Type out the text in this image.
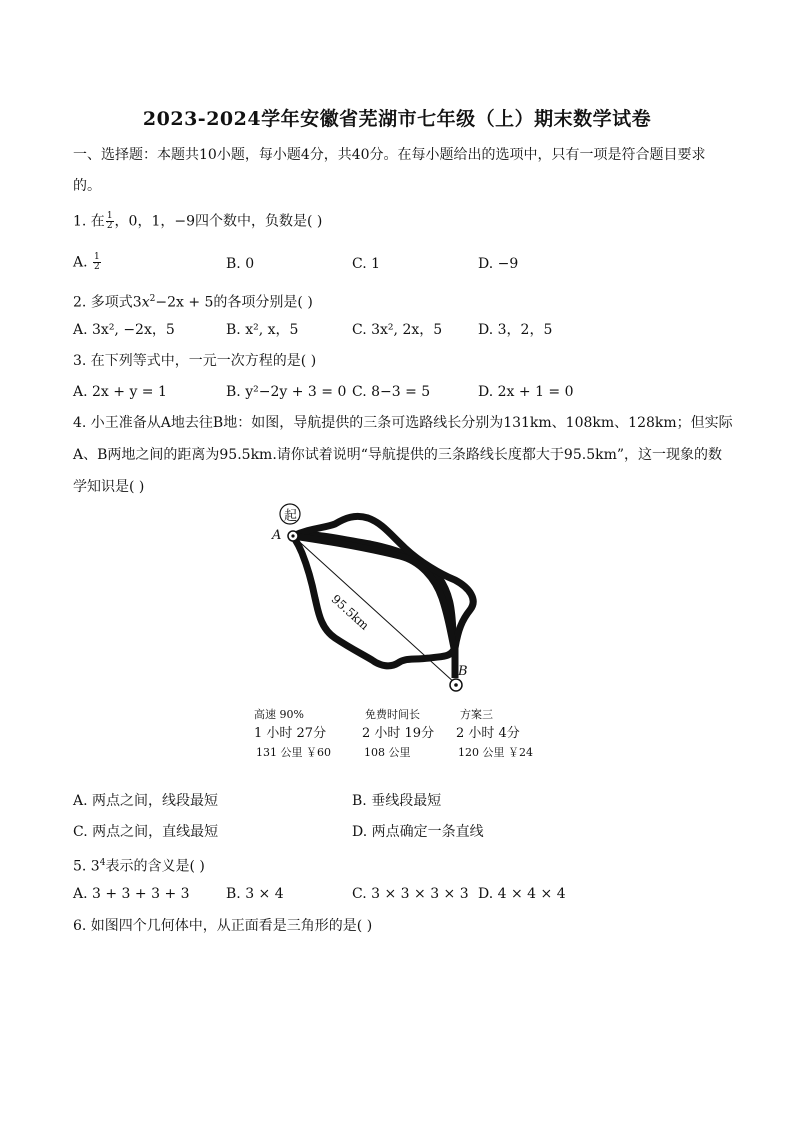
2023-2024学年安徽省芜湖市七年级（上）期末数学试卷
一、选择题：本题共10小题，每小题4分，共40分。在每小题给出的选项中，只有一项是符合题目要求
的。
1. 在 $\frac{1}{2}$ ，0，1，−9四个数中，负数是( )
A. $\frac{1}{2}$	B. 0	C. 1	D. −9
2. 多项式$3x^2-2x + 5$的各项分别是( )
A. 3x², −2x，5	B. x², x，5	C. 3x², 2x，5	D. 3，2，5
3. 在下列等式中，一元一次方程的是( )
A. 2x + y = 1	B. y²−2y + 3 = 0 C. 8−3 = 5	D. 2x + 1 = 0
4. 小王准备从A地去往B地：如图，导航提供的三条可选路线长分别为131km、108km、128km；但实际
A、B两地之间的距离为95.5km.请你试着说明“导航提供的三条路线长度都大于95.5km”，这一现象的数
学知识是( )
起
A
B
95.5km
高速 90%
1 小时 27分
131 公里 ￥60
免费时间长
2 小时 19分
108 公里
方案三
2 小时 4分
120 公里 ￥24
A. 两点之间，线段最短	B. 垂线段最短
C. 两点之间，直线最短	D. 两点确定一条直线
5. $3^4$表示的含义是( )
A. 3 + 3 + 3 + 3	B. 3 × 4	C. 3 × 3 × 3 × 3 D. 4 × 4 × 4
6. 如图四个几何体中，从正面看是三角形的是( )
